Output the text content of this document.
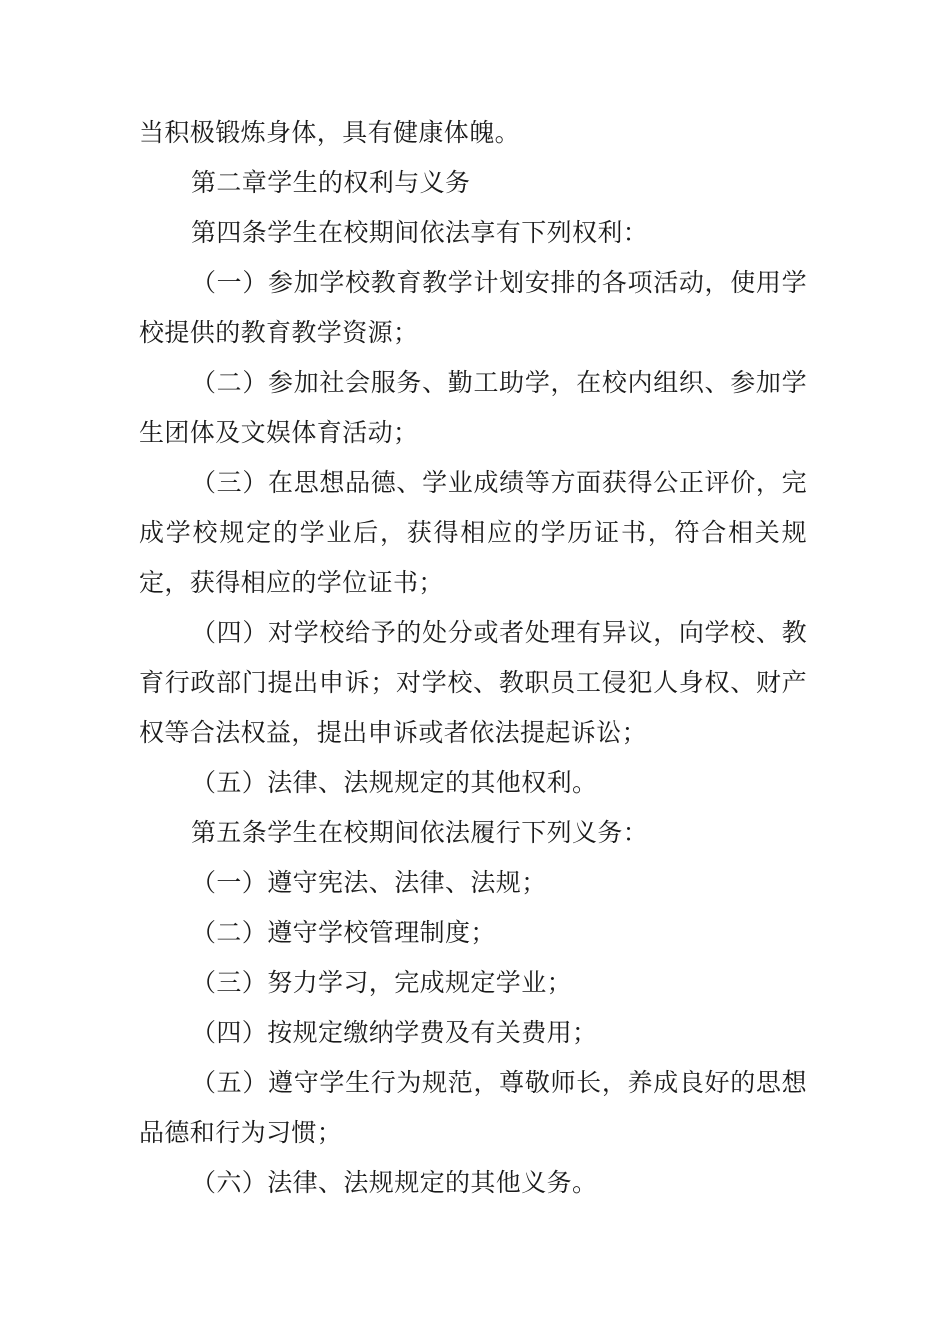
当积极锻炼身体，具有健康体魄。

第二章学生的权利与义务

第四条学生在校期间依法享有下列权利：

（一）参加学校教育教学计划安排的各项活动，使用学校提供的教育教学资源；

（二）参加社会服务、勤工助学，在校内组织、参加学生团体及文娱体育活动；

（三）在思想品德、学业成绩等方面获得公正评价，完成学校规定的学业后，获得相应的学历证书，符合相关规定，获得相应的学位证书；

（四）对学校给予的处分或者处理有异议，向学校、教育行政部门提出申诉；对学校、教职员工侵犯人身权、财产权等合法权益，提出申诉或者依法提起诉讼；

（五）法律、法规规定的其他权利。

第五条学生在校期间依法履行下列义务：

（一）遵守宪法、法律、法规；

（二）遵守学校管理制度；

（三）努力学习，完成规定学业；

（四）按规定缴纳学费及有关费用；

（五）遵守学生行为规范，尊敬师长，养成良好的思想品德和行为习惯；

（六）法律、法规规定的其他义务。
